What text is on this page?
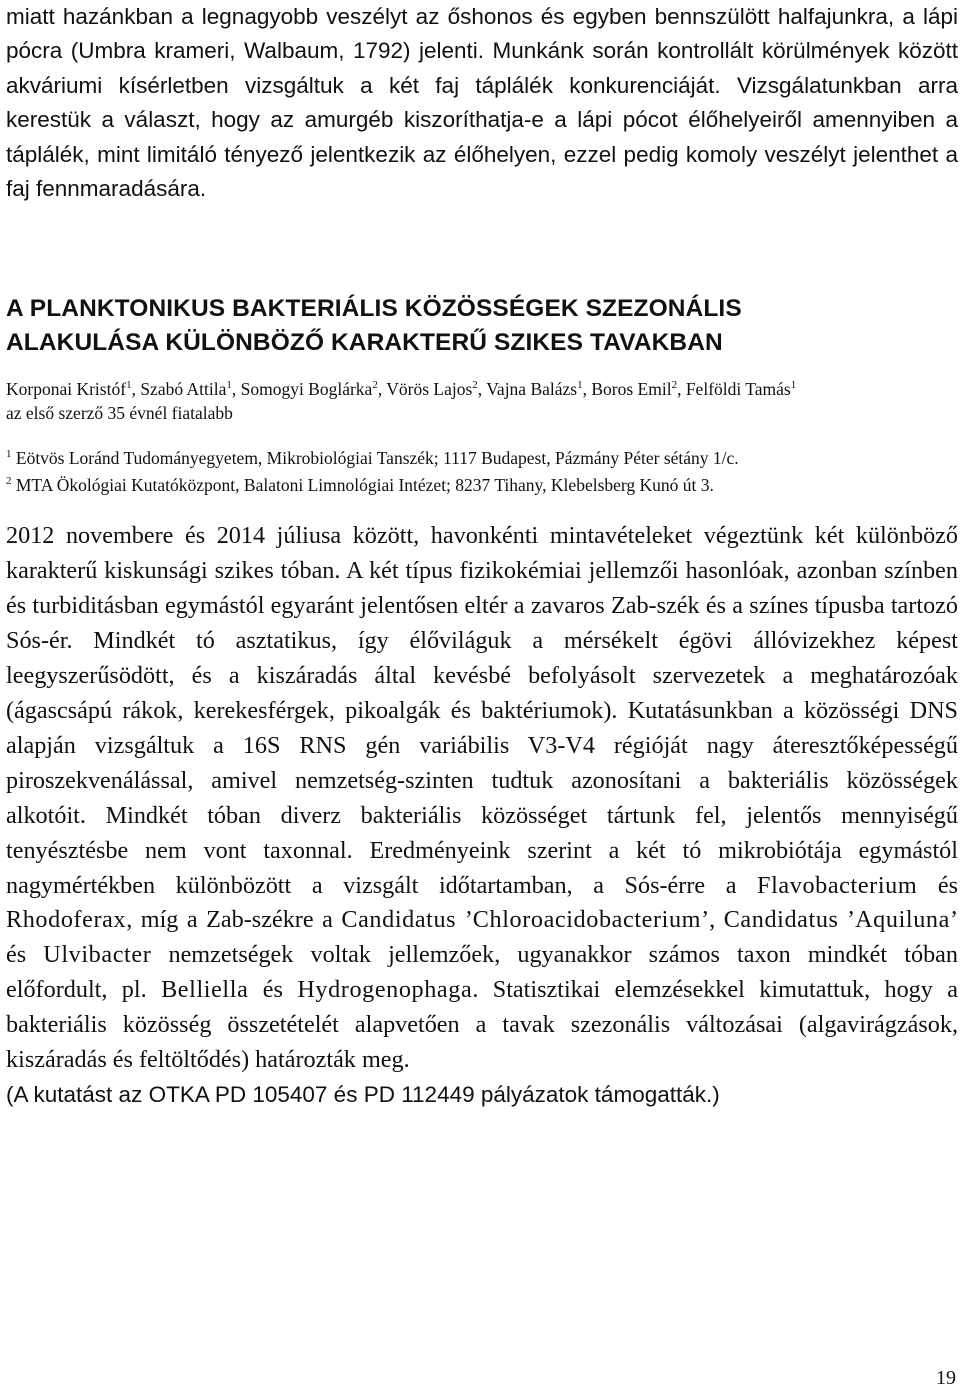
miatt hazánkban a legnagyobb veszélyt az őshonos és egyben bennszülött halfajunkra, a lápi pócra (Umbra krameri, Walbaum, 1792) jelenti. Munkánk során kontrollált körülmények között akváriumi kísérletben vizsgáltuk a két faj táplálék konkurenciáját. Vizsgálatunkban arra kerestük a választ, hogy az amurgéb kiszoríthatja-e a lápi pócot élőhelyeiről amennyiben a táplálék, mint limitáló tényező jelentkezik az élőhelyen, ezzel pedig komoly veszélyt jelenthet a faj fennmaradására.

A PLANKTONIKUS BAKTERIÁLIS KÖZÖSSÉGEK SZEZONÁLIS
ALAKULÁSA KÜLÖNBÖZŐ KARAKTERŰ SZIKES TAVAKBAN
Korponai Kristóf$^1$, Szabó Attila$^1$, Somogyi Boglárka$^2$, Vörös Lajos$^2$, Vajna Balázs$^1$, Boros Emil$^2$, Felföldi Tamás$^1$

az első szerző 35 évnél fiatalabb

$^1$ Eötvös Loránd Tudományegyetem, Mikrobiológiai Tanszék; 1117 Budapest, Pázmány Péter sétány 1/c.
$^2$ MTA Ökológiai Kutatóközpont, Balatoni Limnológiai Intézet; 8237 Tihany, Klebelsberg Kunó út 3.

2012 novembere és 2014 júliusa között, havonkénti mintavételeket végeztünk két különböző karakterű kiskunsági szikes tóban. A két típus fizikokémiai jellemzői hasonlóak, azonban színben és turbiditásban egymástól egyaránt jelentősen eltér a zavaros Zab-szék és a színes típusba tartozó Sós-ér. Mindkét tó asztatikus, így élőviláguk a mérsékelt égövi állóvizekhez képest leegyszerűsödött, és a kiszáradás által kevésbé befolyásolt szervezetek a meghatározóak (ágascsápú rákok, kerekesférgek, pikoalgák és baktériumok). Kutatásunkban a közösségi DNS alapján vizsgáltuk a 16S RNS gén variábilis V3-V4 régióját nagy áteresztőképességű piroszekvenálással, amivel nemzetség-szinten tudtuk azonosítani a bakteriális közösségek alkotóit. Mindkét tóban diverz bakteriális közösséget tártunk fel, jelentős mennyiségű tenyésztésbe nem vont taxonnal. Eredményeink szerint a két tó mikrobiótája egymástól nagymértékben különbözött a vizsgált időtartamban, a Sós-érre a Flavobacterium és Rhodoferax, míg a Zab-székre a Candidatus ’Chloroacidobacterium’, Candidatus ’Aquiluna’ és Ulvibacter nemzetségek voltak jellemzőek, ugyanakkor számos taxon mindkét tóban előfordult, pl. Belliella és Hydrogenophaga. Statisztikai elemzésekkel kimutattuk, hogy a bakteriális közösség összetételét alapvetően a tavak szezonális változásai (algavirágzások, kiszáradás és feltöltődés) határozták meg.

(A kutatást az OTKA PD 105407 és PD 112449 pályázatok támogatták.)

19
